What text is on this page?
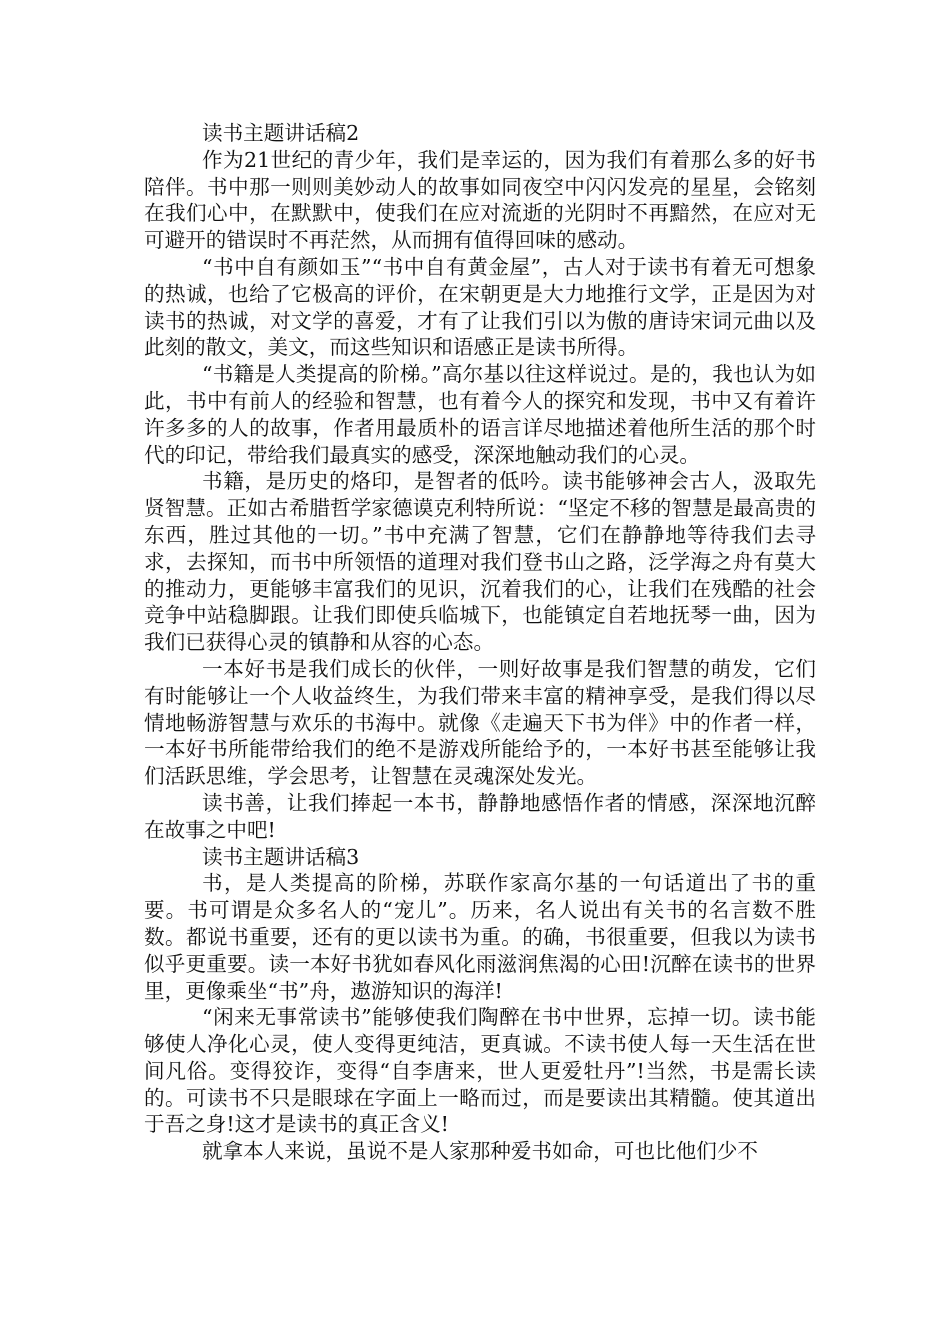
读书主题讲话稿2

作为21世纪的青少年，我们是幸运的，因为我们有着那么多的好书陪伴。书中那一则则美妙动人的故事如同夜空中闪闪发亮的星星，会铭刻在我们心中，在默默中，使我们在应对流逝的光阴时不再黯然，在应对无可避开的错误时不再茫然，从而拥有值得回味的感动。

“书中自有颜如玉”“书中自有黄金屋”，古人对于读书有着无可想象的热诚，也给了它极高的评价，在宋朝更是大力地推行文学，正是因为对读书的热诚，对文学的喜爱，才有了让我们引以为傲的唐诗宋词元曲以及此刻的散文，美文，而这些知识和语感正是读书所得。

“书籍是人类提高的阶梯。”高尔基以往这样说过。是的，我也认为如此，书中有前人的经验和智慧，也有着今人的探究和发现，书中又有着许许多多的人的故事，作者用最质朴的语言详尽地描述着他所生活的那个时代的印记，带给我们最真实的感受，深深地触动我们的心灵。

书籍，是历史的烙印，是智者的低吟。读书能够神会古人，汲取先贤智慧。正如古希腊哲学家德谟克利特所说：“坚定不移的智慧是最高贵的东西，胜过其他的一切。”书中充满了智慧，它们在静静地等待我们去寻求，去探知，而书中所领悟的道理对我们登书山之路，泛学海之舟有莫大的推动力，更能够丰富我们的见识，沉着我们的心，让我们在残酷的社会竞争中站稳脚跟。让我们即使兵临城下，也能镇定自若地抚琴一曲，因为我们已获得心灵的镇静和从容的心态。

一本好书是我们成长的伙伴，一则好故事是我们智慧的萌发，它们有时能够让一个人收益终生，为我们带来丰富的精神享受，是我们得以尽情地畅游智慧与欢乐的书海中。就像《走遍天下书为伴》中的作者一样，一本好书所能带给我们的绝不是游戏所能给予的，一本好书甚至能够让我们活跃思维，学会思考，让智慧在灵魂深处发光。

读书善，让我们捧起一本书，静静地感悟作者的情感，深深地沉醉在故事之中吧!

读书主题讲话稿3

书，是人类提高的阶梯，苏联作家高尔基的一句话道出了书的重要。书可谓是众多名人的“宠儿”。历来，名人说出有关书的名言数不胜数。都说书重要，还有的更以读书为重。的确，书很重要，但我以为读书似乎更重要。读一本好书犹如春风化雨滋润焦渴的心田!沉醉在读书的世界里，更像乘坐“书”舟，遨游知识的海洋!

“闲来无事常读书”能够使我们陶醉在书中世界，忘掉一切。读书能够使人净化心灵，使人变得更纯洁，更真诚。不读书使人每一天生活在世间凡俗。变得狡诈，变得“自李唐来，世人更爱牡丹”!当然，书是需长读的。可读书不只是眼球在字面上一略而过，而是要读出其精髓。使其道出于吾之身!这才是读书的真正含义!

就拿本人来说，虽说不是人家那种爱书如命，可也比他们少不
